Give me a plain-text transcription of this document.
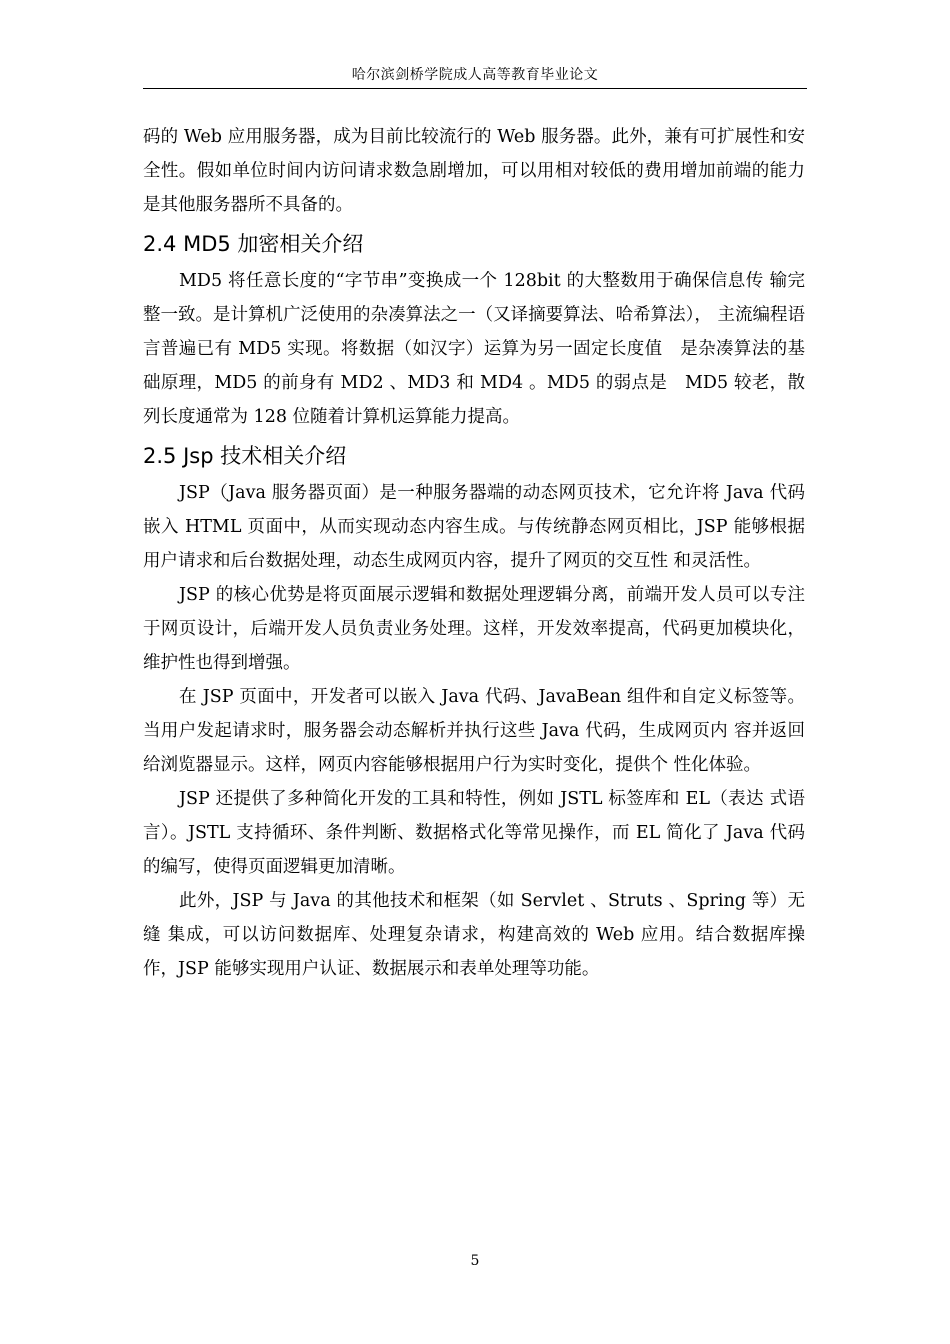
哈尔滨剑桥学院成人高等教育毕业论文

码的 Web 应用服务器，成为目前比较流行的 Web 服务器。此外，兼有可扩展性和安全性。假如单位时间内访问请求数急剧增加，可以用相对较低的费用增加前端的能力是其他服务器所不具备的。

2.4 MD5 加密相关介绍

MD5 将任意长度的“字节串”变换成一个 128bit 的大整数用于确保信息传 输完整一致。是计算机广泛使用的杂凑算法之一（又译摘要算法、哈希算法）， 主流编程语言普遍已有 MD5 实现。将数据（如汉字）运算为另一固定长度值　是杂凑算法的基础原理，MD5 的前身有 MD2 、MD3 和 MD4 。MD5 的弱点是　MD5 较老，散列长度通常为 128 位随着计算机运算能力提高。

2.5 Jsp 技术相关介绍

JSP（Java 服务器页面）是一种服务器端的动态网页技术，它允许将 Java 代码嵌入 HTML 页面中，从而实现动态内容生成。与传统静态网页相比，JSP 能够根据用户请求和后台数据处理，动态生成网页内容，提升了网页的交互性 和灵活性。

JSP 的核心优势是将页面展示逻辑和数据处理逻辑分离，前端开发人员可以专注于网页设计，后端开发人员负责业务处理。这样，开发效率提高，代码更加模块化，维护性也得到增强。

在 JSP 页面中，开发者可以嵌入 Java 代码、JavaBean 组件和自定义标签等。当用户发起请求时，服务器会动态解析并执行这些 Java 代码，生成网页内 容并返回给浏览器显示。这样，网页内容能够根据用户行为实时变化，提供个 性化体验。

JSP 还提供了多种简化开发的工具和特性，例如 JSTL 标签库和 EL（表达 式语言）。JSTL 支持循环、条件判断、数据格式化等常见操作，而 EL 简化了 Java 代码的编写，使得页面逻辑更加清晰。

此外，JSP 与 Java 的其他技术和框架（如 Servlet 、Struts 、Spring 等）无缝 集成，可以访问数据库、处理复杂请求，构建高效的 Web 应用。结合数据库操 作，JSP 能够实现用户认证、数据展示和表单处理等功能。

5
